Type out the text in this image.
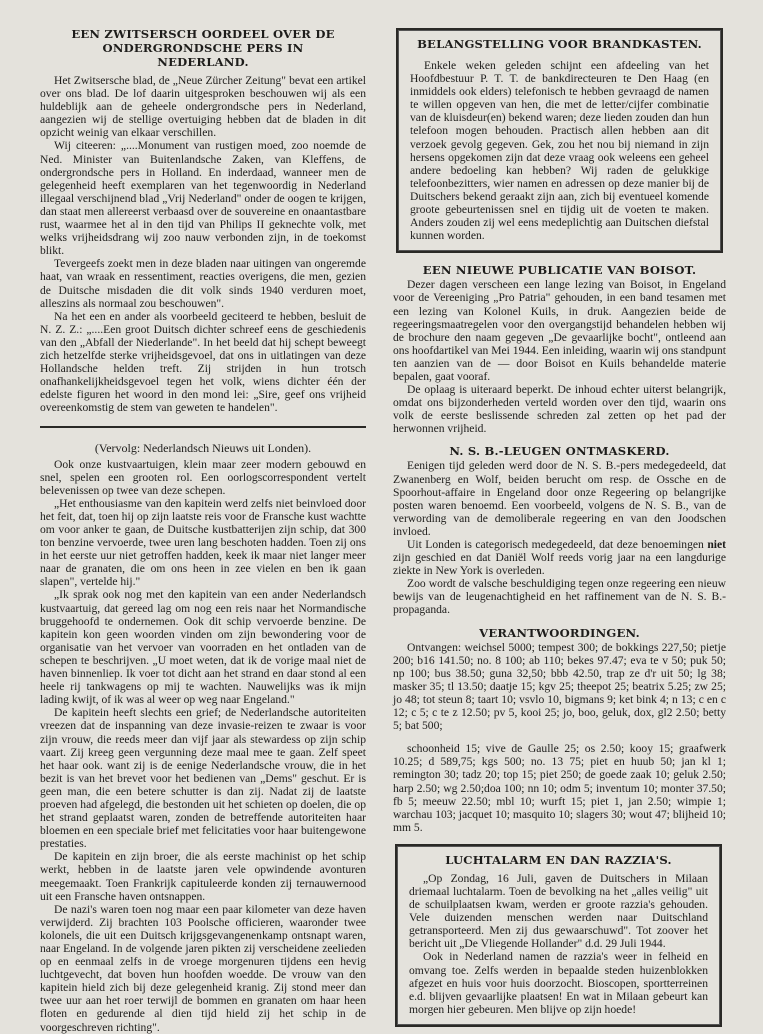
EEN ZWITSERSCH OORDEEL OVER DE ONDERGRONDSCHE PERS IN NEDERLAND.

Het Zwitsersche blad, de „Neue Zürcher Zeitung" bevat een artikel over ons blad. De lof daarin uitgesproken beschouwen wij als een huldeblijk aan de geheele ondergrondsche pers in Nederland, aangezien wij de stellige overtuiging hebben dat de bladen in dit opzicht weinig van elkaar verschillen.

Wij citeeren: „....Monument van rustigen moed, zoo noemde de Ned. Minister van Buitenlandsche Zaken, van Kleffens, de ondergrondsche pers in Holland. En inderdaad, wanneer men de gelegenheid heeft exemplaren van het tegenwoordig in Nederland illegaal verschijnend blad „Vrij Nederland" onder de oogen te krijgen, dan staat men allereerst verbaasd over de souvereine en onaantastbare rust, waarmee het al in den tijd van Philips II geknechte volk, met welks vrijheidsdrang wij zoo nauw verbonden zijn, in de toekomst blikt.

Tevergeefs zoekt men in deze bladen naar uitingen van ongeremde haat, van wraak en ressentiment, reacties overigens, die men, gezien de Duitsche misdaden die dit volk sinds 1940 verduren moet, alleszins als normaal zou beschouwen".

Na het een en ander als voorbeeld geciteerd te hebben, besluit de N. Z. Z.: „....Een groot Duitsch dichter schreef eens de geschiedenis van den „Abfall der Niederlande". In het beeld dat hij schept beweegt zich hetzelfde sterke vrijheidsgevoel, dat ons in uitlatingen van deze Hollandsche helden treft. Zij strijden in hun trotsch onafhankelijkheidsgevoel tegen het volk, wiens dichter één der edelste figuren het woord in den mond lei: „Sire, geef ons vrijheid overeenkomstig de stem van geweten te handelen".

(Vervolg: Nederlandsch Nieuws uit Londen).

Ook onze kustvaartuigen, klein maar zeer modern gebouwd en snel, spelen een grooten rol. Een oorlogscorrespondent vertelt belevenissen op twee van deze schepen.

„Het enthousiasme van den kapitein werd zelfs niet beinvloed door het feit, dat, toen hij op zijn laatste reis voor de Fransche kust wachtte om voor anker te gaan, de Duitsche kustbatterijen zijn schip, dat 300 ton benzine vervoerde, twee uren lang beschoten hadden. Toen zij ons in het eerste uur niet getroffen hadden, keek ik maar niet langer meer naar de granaten, die om ons heen in zee vielen en ben ik gaan slapen", vertelde hij."

„Ik sprak ook nog met den kapitein van een ander Nederlandsch kustvaartuig, dat gereed lag om nog een reis naar het Normandische bruggehoofd te ondernemen. Ook dit schip vervoerde benzine. De kapitein kon geen woorden vinden om zijn bewondering voor de organisatie van het vervoer van voorraden en het ontladen van de schepen te beschrijven. „U moet weten, dat ik de vorige maal niet de haven binnenliep. Ik voer tot dicht aan het strand en daar stond al een heele rij tankwagens op mij te wachten. Nauwelijks was ik mijn lading kwijt, of ik was al weer op weg naar Engeland."

De kapitein heeft slechts een grief; de Nederlandsche autoriteiten vreezen dat de inspanning van deze invasie-reizen te zwaar is voor zijn vrouw, die reeds meer dan vijf jaar als stewardess op zijn schip vaart. Zij kreeg geen vergunning deze maal mee te gaan. Zelf speet het haar ook. want zij is de eenige Nederlandsche vrouw, die in het bezit is van het brevet voor het bedienen van „Dems" geschut. Er is geen man, die een betere schutter is dan zij. Nadat zij de laatste proeven had afgelegd, die bestonden uit het schieten op doelen, die op het strand geplaatst waren, zonden de betreffende autoriteiten haar bloemen en een speciale brief met felicitaties voor haar buitengewone prestaties.

De kapitein en zijn broer, die als eerste machinist op het schip werkt, hebben in de laatste jaren vele opwindende avonturen meegemaakt. Toen Frankrijk capituleerde konden zij ternauwernood uit een Fransche haven ontsnappen.

De nazi's waren toen nog maar een paar kilometer van deze haven verwijderd. Zij brachten 103 Poolsche officieren, waaronder twee kolonels, die uit een Duitsch krijgsgevangenenkamp ontsnapt waren, naar Engeland. In de volgende jaren pikten zij verscheidene zeelieden op en eenmaal zelfs in de vroege morgenuren tijdens een hevig luchtgevecht, dat boven hun hoofden woedde. De vrouw van den kapitein hield zich bij deze gelegenheid kranig. Zij stond meer dan twee uur aan het roer terwijl de bommen en granaten om haar heen floten en gedurende al dien tijd hield zij het schip in de voorgeschreven richting".

BELANGSTELLING VOOR BRANDKASTEN.

Enkele weken geleden schijnt een afdeeling van het Hoofdbestuur P. T. T. de bankdirecteuren te Den Haag (en inmiddels ook elders) telefonisch te hebben gevraagd de namen te willen opgeven van hen, die met de letter/cijfer combinatie van de kluisdeur(en) bekend waren; deze lieden zouden dan hun telefoon mogen behouden. Practisch allen hebben aan dit verzoek gevolg gegeven. Gek, zou het nou bij niemand in zijn hersens opgekomen zijn dat deze vraag ook weleens een geheel andere bedoeling kan hebben? Wij raden de gelukkige telefoonbezitters, wier namen en adressen op deze manier bij de Duitschers bekend geraakt zijn aan, zich bij eventueel komende groote gebeurtenissen snel en tijdig uit de voeten te maken. Anders zouden zij wel eens medeplichtig aan Duitschen diefstal kunnen worden.

EEN NIEUWE PUBLICATIE VAN BOISOT.

Dezer dagen verscheen een lange lezing van Boisot, in Engeland voor de Vereeniging „Pro Patria" gehouden, in een band tesamen met een lezing van Kolonel Kuils, in druk. Aangezien beide de regeeringsmaatregelen voor den overgangstijd behandelen hebben wij de brochure den naam gegeven „De gevaarlijke bocht", ontleend aan ons hoofdartikel van Mei 1944. Een inleiding, waarin wij ons standpunt ten aanzien van de — door Boisot en Kuils behandelde materie bepalen, gaat vooraf.

De oplaag is uiteraard beperkt. De inhoud echter uiterst belangrijk, omdat ons bijzonderheden verteld worden over den tijd, waarin ons volk de eerste beslissende schreden zal zetten op het pad der herwonnen vrijheid.

N. S. B.-LEUGEN ONTMASKERD.

Eenigen tijd geleden werd door de N. S. B.-pers medegedeeld, dat Zwanenberg en Wolf, beiden berucht om resp. de Ossche en de Spoorhout-affaire in Engeland door onze Regeering op belangrijke posten waren benoemd. Een voorbeeld, volgens de N. S. B., van de verwording van de demoliberale regeering en van den Joodschen invloed.

Uit Londen is categorisch medegedeeld, dat deze benoemingen niet zijn geschied en dat Daniël Wolf reeds vorig jaar na een langdurige ziekte in New York is overleden.

Zoo wordt de valsche beschuldiging tegen onze regeering een nieuw bewijs van de leugenachtigheid en het raffinement van de N. S. B.-propaganda.

VERANTWOORDINGEN.

Ontvangen: weichsel 5000; tempest 300; de bokkings 227,50; pietje 200; b16 141.50; no. 8 100; ab 110; bekes 97.47; eva te v 50; puk 50; np 100; bus 38.50; guna 32,50; bbb 42.50, trap ze d'r uit 50; lg 38; masker 35; tl 13.50; daatje 15; kgv 25; theepot 25; beatrix 5.25; zw 25; jo 48; tot steun 8; taart 10; vsvlo 10, bigmans 9; ket bink 4; n 13; c en c 12; c 5; c te z 12.50; pv 5, kooi 25; jo, boo, geluk, dox, gl2 2.50; betty 5; bat 500;

schoonheid 15; vive de Gaulle 25; os 2.50; kooy 15; graafwerk 10.25; d 589,75; kgs 500; no. 13 75; piet en huub 50; jan kl 1; remington 30; tadz 20; top 15; piet 250; de goede zaak 10; geluk 2.50; harp 2.50; wg 2.50;doa 100; nn 10; odm 5; inventum 10; monter 37.50; fb 5; meeuw 22.50; mbl 10; wurft 15; piet 1, jan 2.50; wimpie 1; warchau 103; jacquet 10; masquito 10; slagers 30; wout 47; blijheid 10; mm 5.

LUCHTALARM EN DAN RAZZIA'S.

„Op Zondag, 16 Juli, gaven de Duitschers in Milaan driemaal luchtalarm. Toen de bevolking na het „alles veilig" uit de schuilplaatsen kwam, werden er groote razzia's gehouden. Vele duizenden menschen werden naar Duitschland getransporteerd. Men zij dus gewaarschuwd". Tot zoover het bericht uit „De Vliegende Hollander" d.d. 29 Juli 1944.

Ook in Nederland namen de razzia's weer in felheid en omvang toe. Zelfs werden in bepaalde steden huizenblokken afgezet en huis voor huis doorzocht. Bioscopen, sportterreinen e.d. blijven gevaarlijke plaatsen! En wat in Milaan gebeurt kan morgen hier gebeuren. Men blijve op zijn hoede!
